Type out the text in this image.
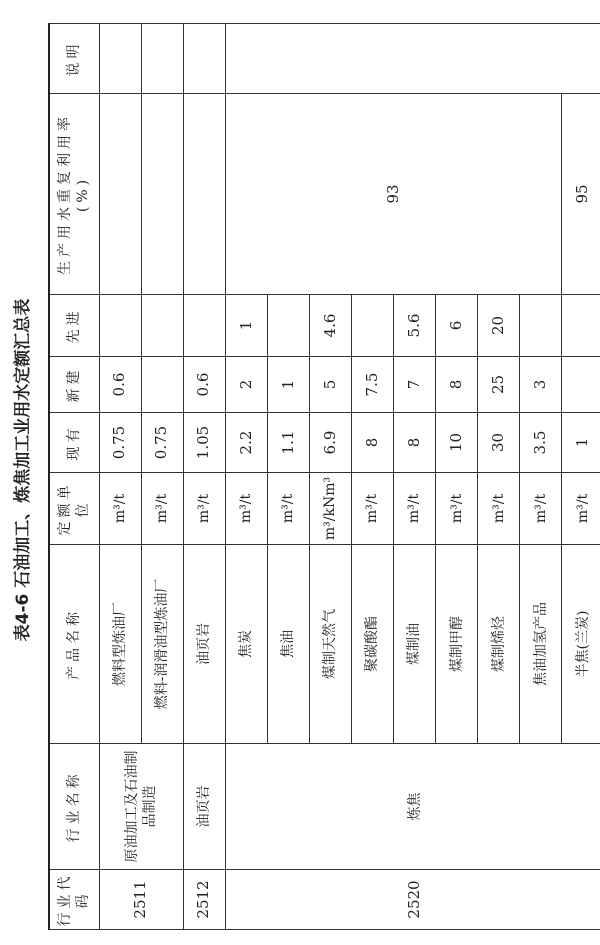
表4-6 石油加工、炼焦加工业用水定额汇总表
行业代码	行业名称	产品名称	定额单位	现有	新建	先进	生产用水重复利用率(%)	说明
2511	原油加工及石油制品制造	燃料型炼油厂	m³/t	0.75	0.6			
		燃料-润滑油型炼油厂	m³/t	0.75				
2512	油页岩	油页岩	m³/t	1.05	0.6			
2520	炼焦	焦炭	m³/t	2.2	2	1	93	
		焦油	m³/t	1.1	1			
		煤制天然气	m³/kNm³	6.9	5	4.6		
		聚碳酸酯	m³/t	8	7.5			
		煤制油	m³/t	8	7	5.6		
		煤制甲醇	m³/t	10	8	6		
		煤制烯烃	m³/t	30	25	20		
		焦油加氢产品	m³/t	3.5	3			
		半焦(兰炭)	m³/t	1			95	
